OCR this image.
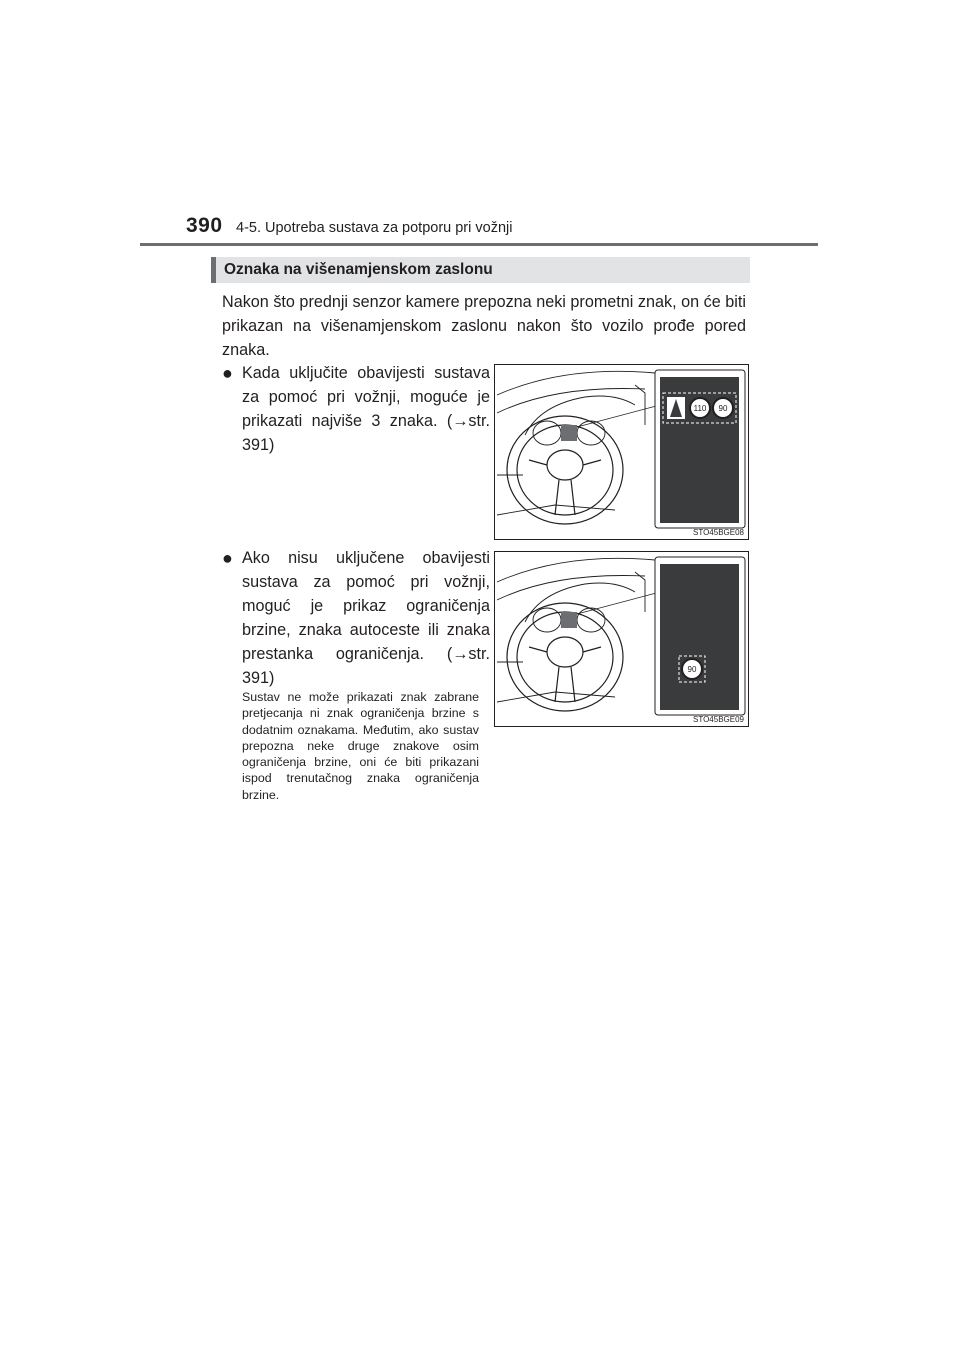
390 4-5. Upotreba sustava za potporu pri vožnji
Oznaka na višenamjenskom zaslonu

Nakon što prednji senzor kamere prepozna neki prometni znak, on će biti prikazan na višenamjenskom zaslonu nakon što vozilo prođe pored znaka.

● Kada uključite obavijesti sustava za pomoć pri vožnji, moguće je prikazati najviše 3 znaka. (→str. 391)
● Ako nisu uključene obavijesti sustava za pomoć pri vožnji, moguć je prikaz ograničenja brzine, znaka autoceste ili znaka prestanka ograničenja. (→str. 391)

Sustav ne može prikazati znak zabrane pretjecanja ni znak ograničenja brzine s dodatnim oznakama. Međutim, ako sustav prepozna neke druge znakove osim ograničenja brzine, oni će biti prikazani ispod trenutačnog znaka ograničenja brzine.

110 90
STO45BGE08
90
STO45BGE09
